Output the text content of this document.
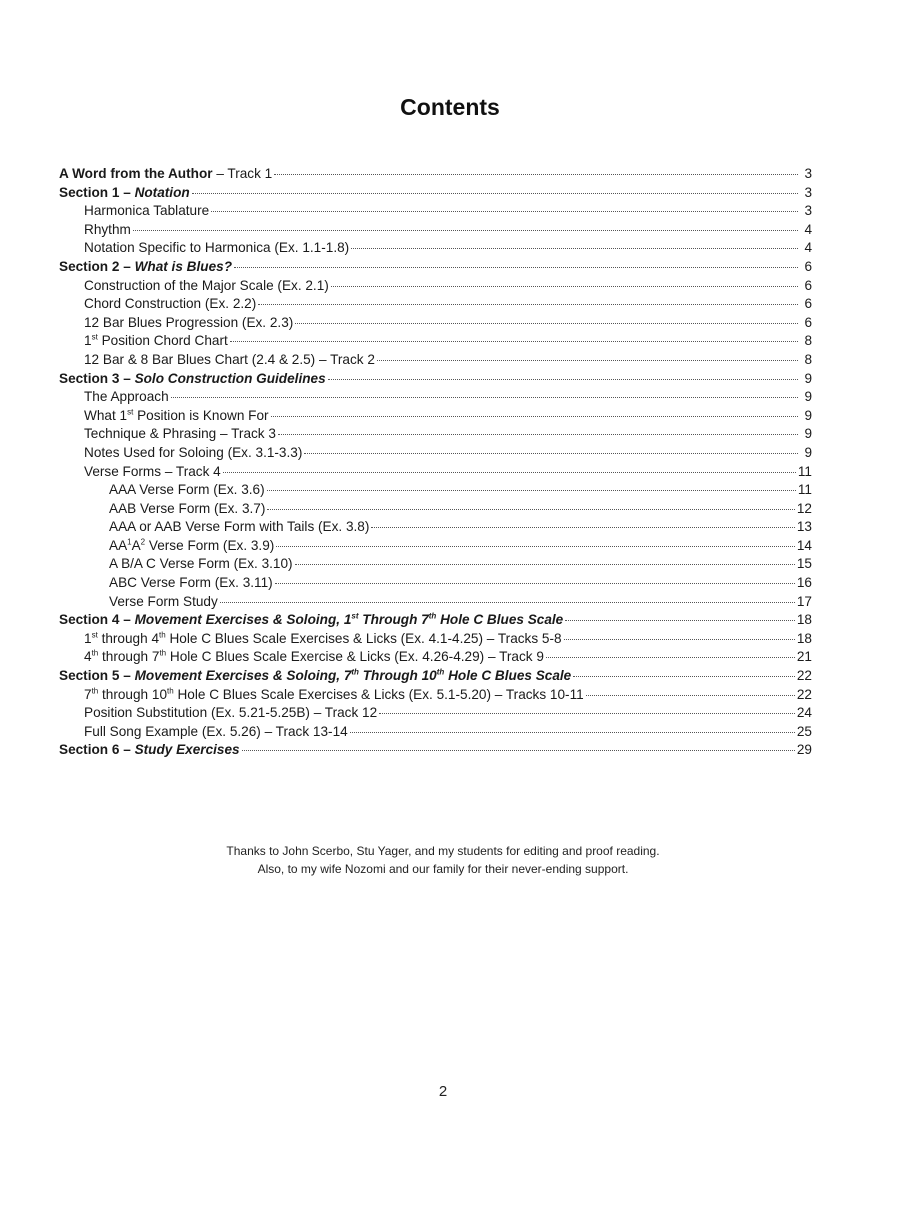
Contents
A Word from the Author – Track 1	3
Section 1 – Notation	3
Harmonica Tablature	3
Rhythm	4
Notation Specific to Harmonica (Ex. 1.1-1.8)	4
Section 2 – What is Blues?	6
Construction of the Major Scale (Ex. 2.1)	6
Chord Construction (Ex. 2.2)	6
12 Bar Blues Progression (Ex. 2.3)	6
1st Position Chord Chart	8
12 Bar & 8 Bar Blues Chart (2.4 & 2.5) – Track 2	8
Section 3 – Solo Construction Guidelines	9
The Approach	9
What 1st Position is Known For	9
Technique & Phrasing – Track 3	9
Notes Used for Soloing (Ex. 3.1-3.3)	9
Verse Forms – Track 4	11
AAA Verse Form (Ex. 3.6)	11
AAB Verse Form (Ex. 3.7)	12
AAA or AAB Verse Form with Tails (Ex. 3.8)	13
$AA^1A^2$ Verse Form (Ex. 3.9)	14
A B/A C Verse Form (Ex. 3.10)	15
ABC Verse Form (Ex. 3.11)	16
Verse Form Study	17
Section 4 – Movement Exercises & Soloing, 1st Through 7th Hole C Blues Scale	18
1st through 4th Hole C Blues Scale Exercises & Licks (Ex. 4.1-4.25) – Tracks 5-8	18
4th through 7th Hole C Blues Scale Exercise & Licks (Ex. 4.26-4.29) – Track 9	21
Section 5 – Movement Exercises & Soloing, 7th Through 10th Hole C Blues Scale	22
7th through 10th Hole C Blues Scale Exercises & Licks (Ex. 5.1-5.20) – Tracks 10-11	22
Position Substitution (Ex. 5.21-5.25B) – Track 12	24
Full Song Example (Ex. 5.26) – Track 13-14	25
Section 6 – Study Exercises	29
Thanks to John Scerbo, Stu Yager, and my students for editing and proof reading.
Also, to my wife Nozomi and our family for their never-ending support.
2
